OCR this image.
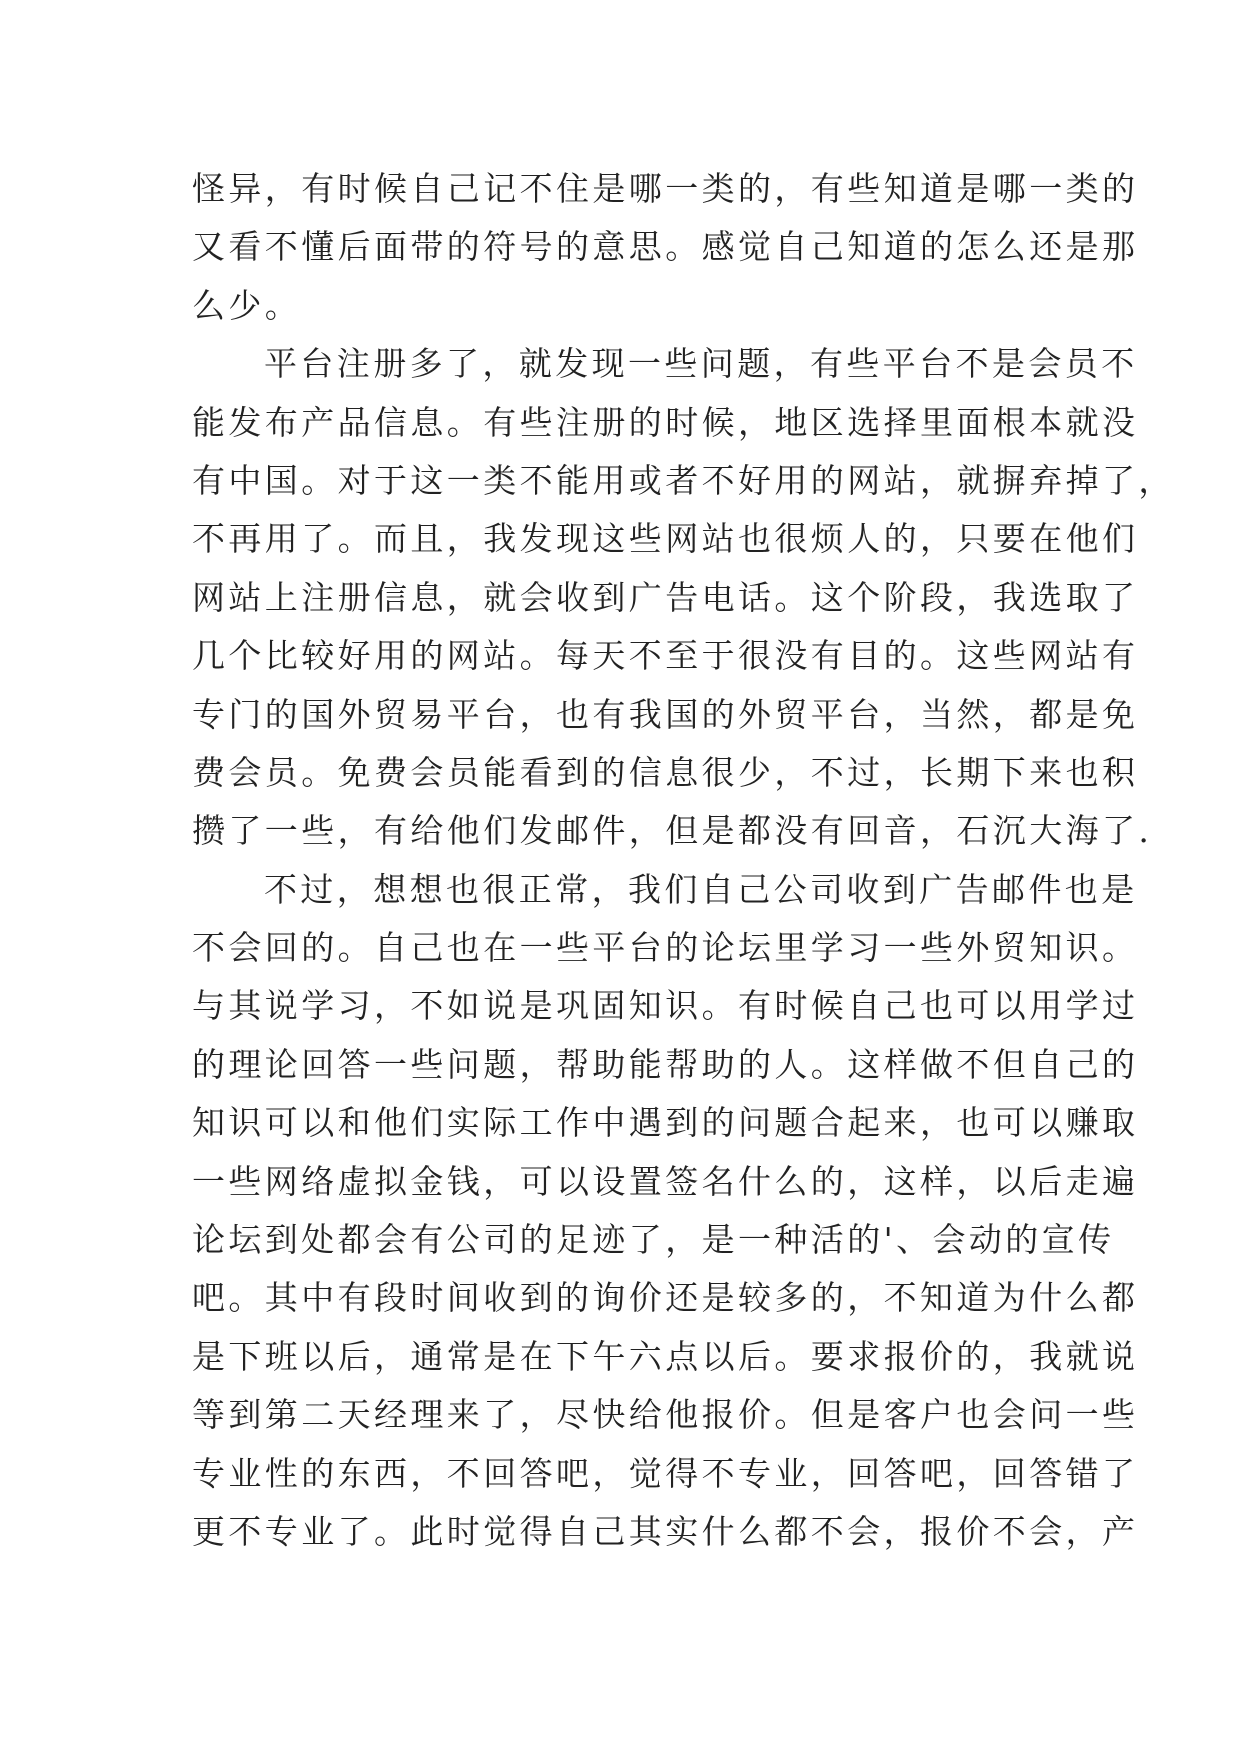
怪异，有时候自己记不住是哪一类的，有些知道是哪一类的
又看不懂后面带的符号的意思。感觉自己知道的怎么还是那
么少。
平台注册多了，就发现一些问题，有些平台不是会员不
能发布产品信息。有些注册的时候，地区选择里面根本就没
有中国。对于这一类不能用或者不好用的网站，就摒弃掉了，
不再用了。而且，我发现这些网站也很烦人的，只要在他们
网站上注册信息，就会收到广告电话。这个阶段，我选取了
几个比较好用的网站。每天不至于很没有目的。这些网站有
专门的国外贸易平台，也有我国的外贸平台，当然，都是免
费会员。免费会员能看到的信息很少，不过，长期下来也积
攒了一些，有给他们发邮件，但是都没有回音，石沉大海了.
不过，想想也很正常，我们自己公司收到广告邮件也是
不会回的。自己也在一些平台的论坛里学习一些外贸知识。
与其说学习，不如说是巩固知识。有时候自己也可以用学过
的理论回答一些问题，帮助能帮助的人。这样做不但自己的
知识可以和他们实际工作中遇到的问题合起来，也可以赚取
一些网络虚拟金钱，可以设置签名什么的，这样，以后走遍
论坛到处都会有公司的足迹了，是一种活的'、会动的宣传
吧。其中有段时间收到的询价还是较多的，不知道为什么都
是下班以后，通常是在下午六点以后。要求报价的，我就说
等到第二天经理来了，尽快给他报价。但是客户也会问一些
专业性的东西，不回答吧，觉得不专业，回答吧，回答错了
更不专业了。此时觉得自己其实什么都不会，报价不会，产
